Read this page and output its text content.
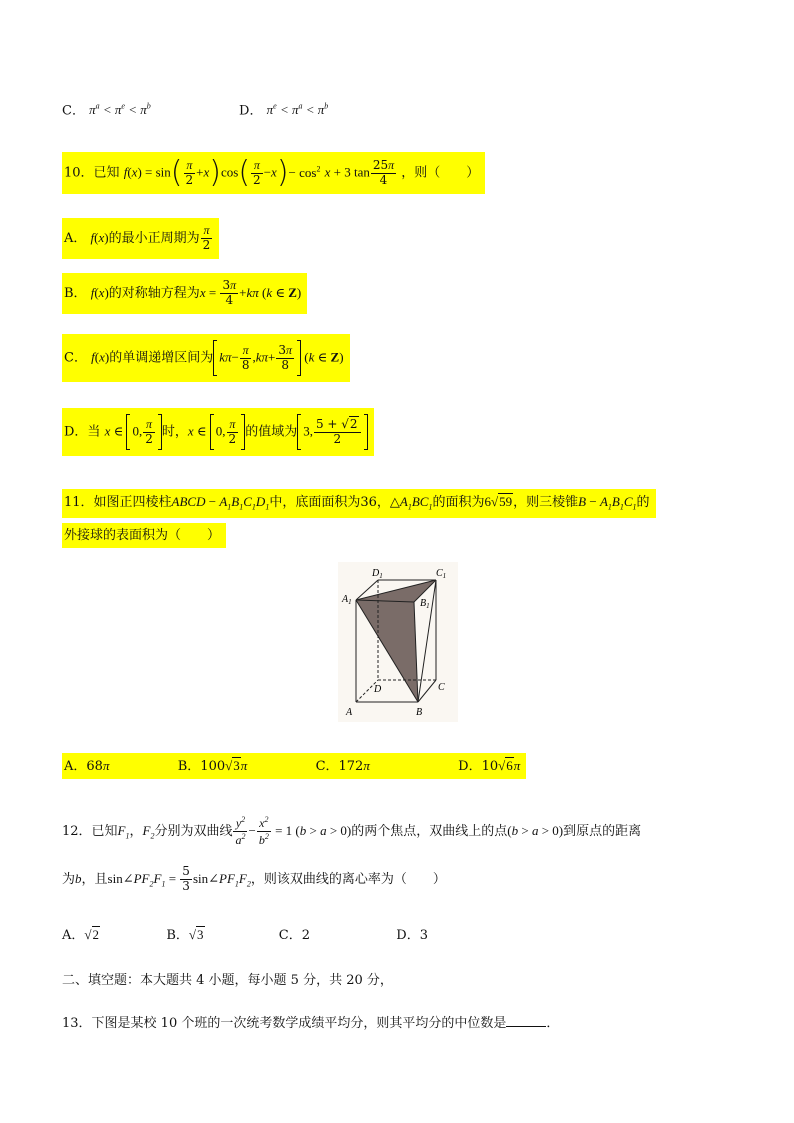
C． $\pi^a < \pi^e < \pi^b$	D． $\pi^e < \pi^a < \pi^b$
10．已知 $f(x) = \sin( \frac{\pi}{2} +x)\cos( \frac{\pi}{2} -x)- \cos^2 x + 3$ $\tan \frac{25\pi}{4}$ ，则（　　）
A． f(x)的最小正周期为 $\frac{\pi}{2}$
B． f(x)的对称轴方程为$x = \frac{3\pi}{4} +k\pi$ (k ∈ Z)
C． f(x)的单调递增区间为 $k\pi- \frac{\pi}{8} ,k\pi+ \frac{3\pi}{8} (k$ ∈ Z)
D．当 x ∈ 0, $\frac{\pi}{2}$ 时，x ∈ 0, $\frac{\pi}{2}$ 的值域为 3, $\frac{5 + √2}{2}$
11．如图正四棱柱ABCD − $A_1B_1C_1D_1$中，底面面积为36，$\triangle A_1BC_1$的面积为6√59，则三棱锥$B - A_1B_1C_1$的
外接球的表面积为（　　）
$D_1$	$C_1$
$A_1$	$B_1$
D	C
A	B
A．68π	B．100√3π	C．172π	D．10√6π
12．已知$F_1$，$F_2$分别为双曲线 $\frac{y^2}{a^2} - \frac{x^2}{b^2} = 1$ (b > a > 0)的两个焦点，双曲线上的点(b > a > 0)到原点的距离
为b，且$\sin\angle PF_2F_1 = \frac{5}{3}$ $\sin\angle PF_1F_2$，则该双曲线的离心率为（　　）
A．√2	B．√3	C．2	D．3
二、填空题：本大题共 4 小题，每小题 5 分，共 20 分，
13．下图是某校 10 个班的一次统考数学成绩平均分，则其平均分的中位数是	．
